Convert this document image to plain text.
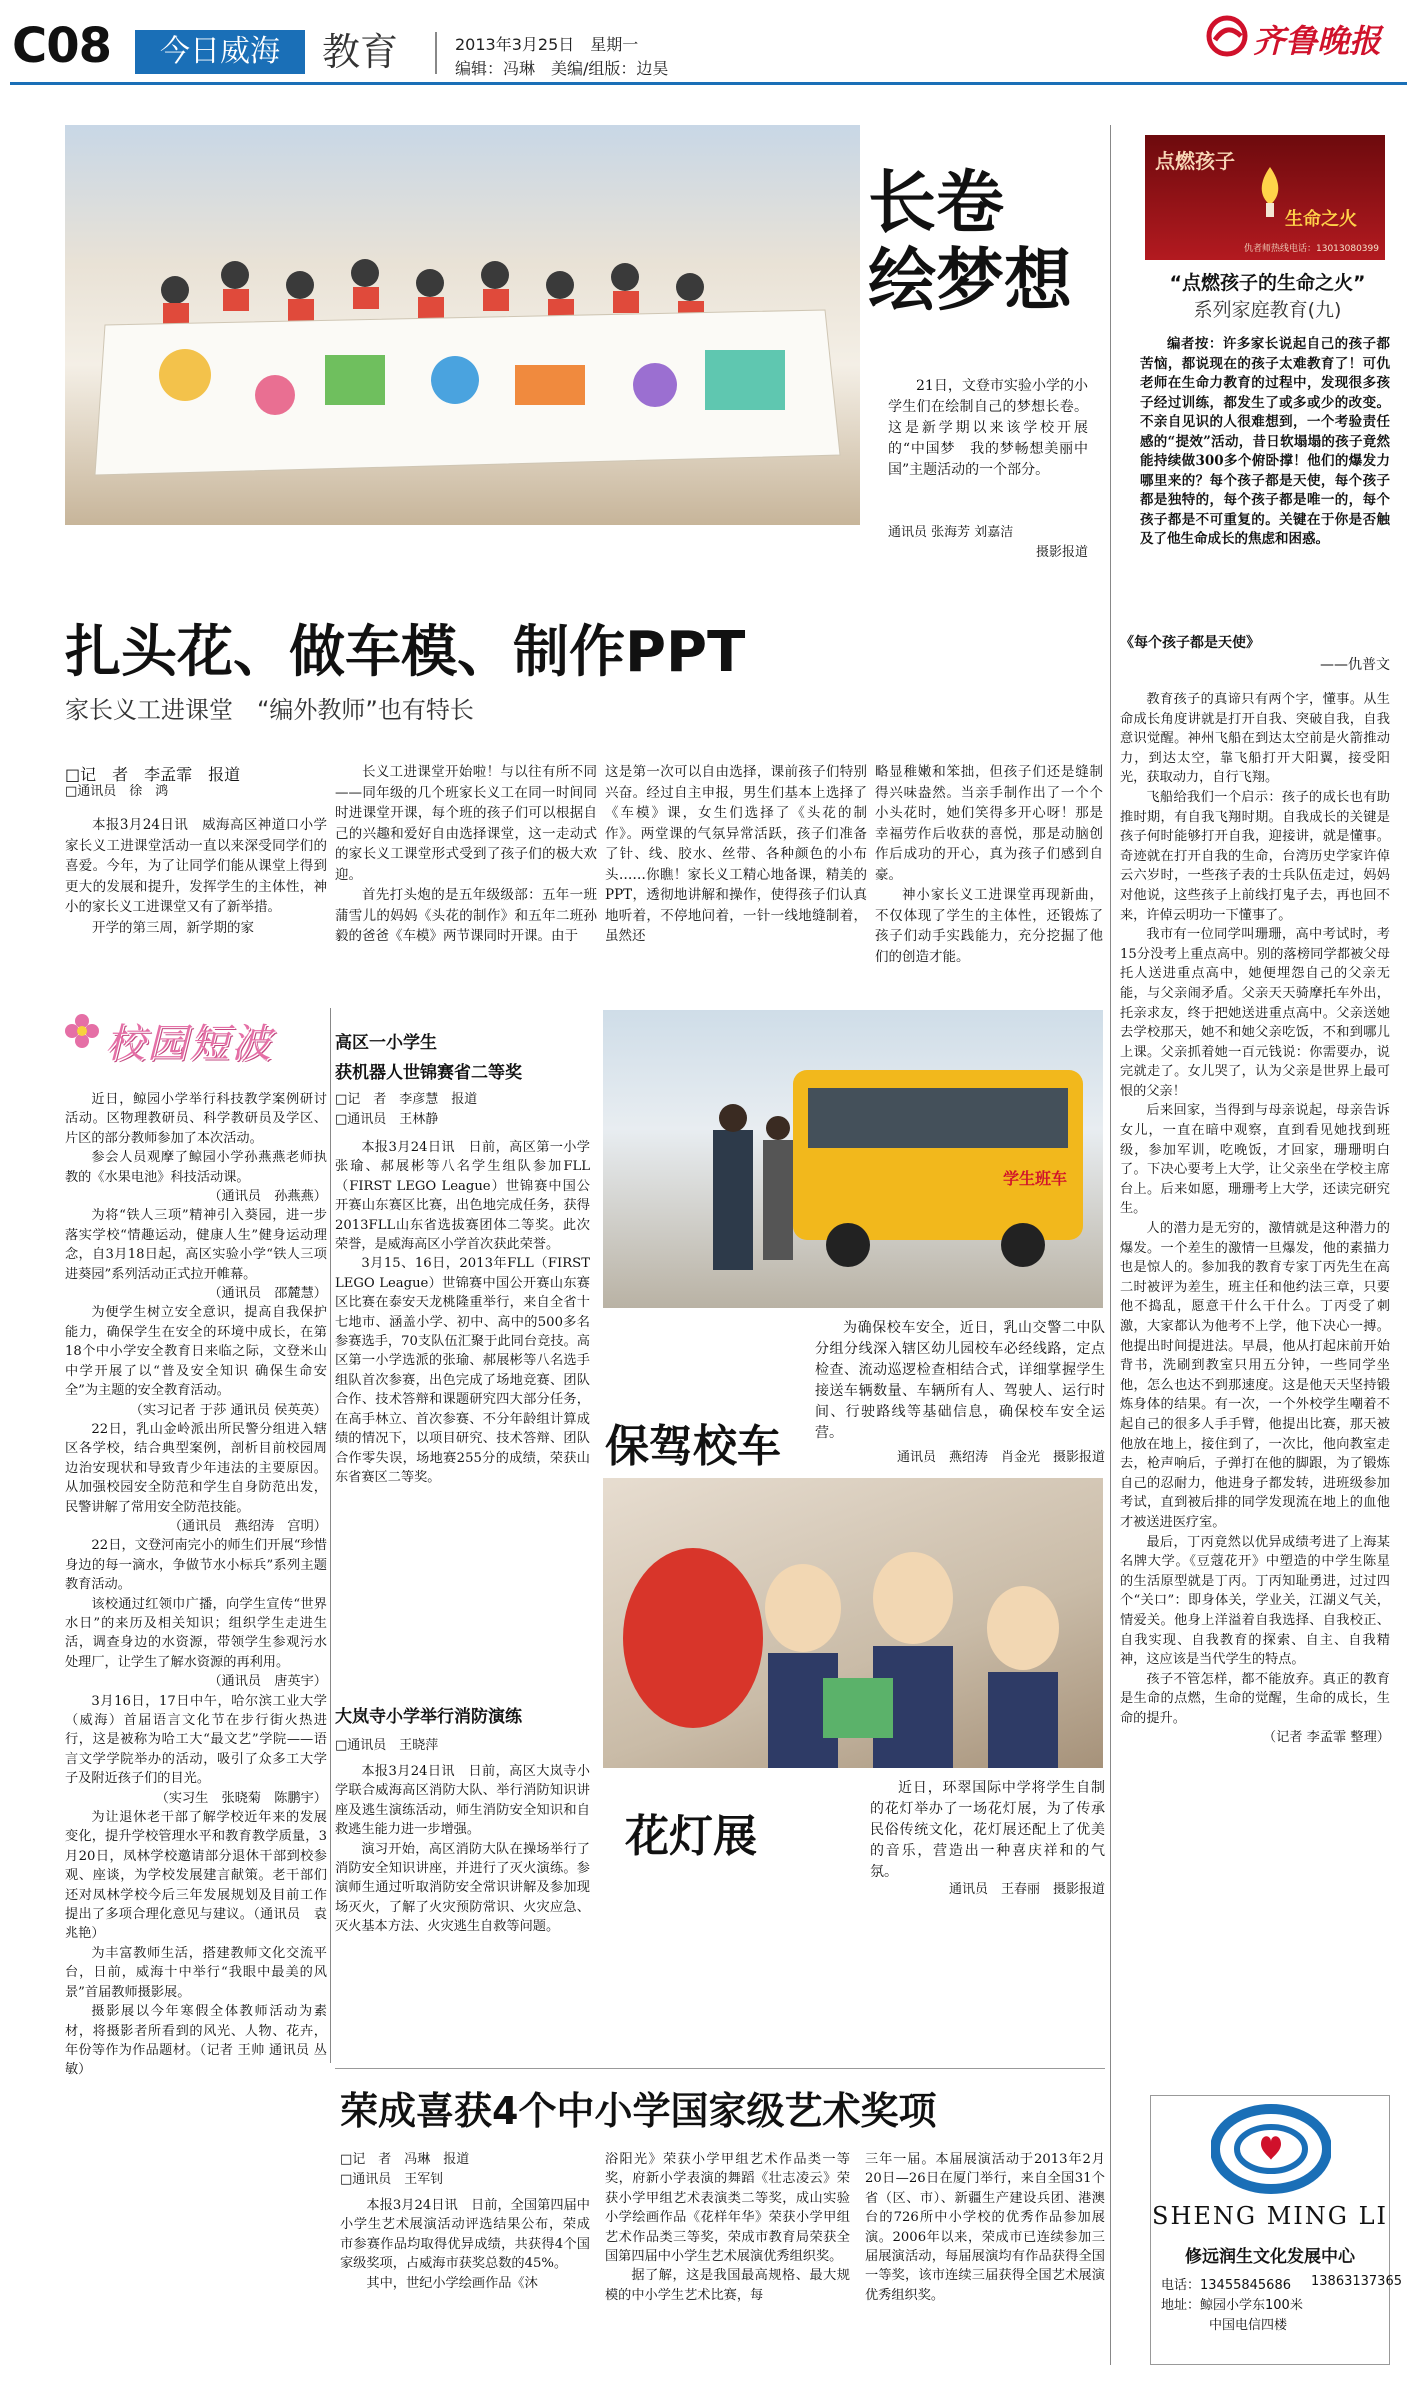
C08	今日威海	教育	2013年3月25日　星期一
编辑：冯琳　美编/组版：边昊
齐鲁晚报
长卷
绘梦想
21日，文登市实验小学的小学生们在绘制自己的梦想长卷。这是新学期以来该学校开展的“中国梦　我的梦畅想美丽中国”主题活动的一个部分。
通讯员 张海芳 刘嘉洁
摄影报道
点燃孩子
生命之火
仇者师热线电话：13013080399
“点燃孩子的生命之火”
系列家庭教育(九)
编者按：许多家长说起自己的孩子都苦恼，都说现在的孩子太难教育了！可仇老师在生命力教育的过程中，发现很多孩子经过训练，都发生了或多或少的改变。不亲自见识的人很难想到，一个考验责任感的“提效”活动，昔日软塌塌的孩子竟然能持续做300多个俯卧撑！他们的爆发力哪里来的？每个孩子都是天使，每个孩子都是独特的，每个孩子都是唯一的，每个孩子都是不可重复的。关键在于你是否触及了他生命成长的焦虑和困惑。
《每个孩子都是天使》
——仇普文

教育孩子的真谛只有两个字，懂事。从生命成长角度讲就是打开自我、突破自我，自我意识觉醒。神州飞船在到达太空前是火箭推动力，到达太空，靠飞船打开大阳翼，接受阳光，获取动力，自行飞翔。

飞船给我们一个启示：孩子的成长也有助推时期，有自我飞翔时期。自我成长的关键是孩子何时能够打开自我，迎接讲，就是懂事。奇迹就在打开自我的生命，台湾历史学家许倬云六岁时，一些孩子表的士兵队伍走过，妈妈对他说，这些孩子上前线打鬼子去，再也回不来，许倬云明功一下懂事了。

我市有一位同学叫珊珊，高中考试时，考15分没考上重点高中。别的落榜同学都被父母托人送进重点高中，她便埋怨自己的父亲无能，与父亲闹矛盾。父亲天天骑摩托车外出，托亲求友，终于把她送进重点高中。父亲送她去学校那天，她不和她父亲吃饭，不和到哪儿上课。父亲抓着她一百元钱说：你需要办，说完就走了。女儿哭了，认为父亲是世界上最可恨的父亲！

后来回家，当得到与母亲说起，母亲告诉女儿，一直在暗中观察，直到看见她找到班级，参加军训，吃晚饭，才回家，珊珊明白了。下决心要考上大学，让父亲坐在学校主席台上。后来如愿，珊珊考上大学，还读完研究生。

人的潜力是无穷的，激情就是这种潜力的爆发。一个差生的激情一旦爆发，他的素描力也是惊人的。参加我的教育专家丁丙先生在高二时被评为差生，班主任和他约法三章，只要他不捣乱，愿意干什么干什么。丁丙受了刺激，大家都认为他考不上学，他下决心一搏。他提出时间提进法。早晨，他从打起床前开始背书，洗刷到教室只用五分钟，一些同学坐他，怎么也达不到那速度。这是他天天坚持锻炼身体的结果。有一次，一个外校学生嘲着不起自己的很多人手手臂，他提出比赛，那天被他放在地上，接住到了，一次比，他向教室走去，枪声响后，子弹打在他的脚跟，为了锻炼自己的忍耐力，他进身子都发转，进班级参加考试，直到被后排的同学发现流在地上的血他才被送进医疗室。

最后，丁丙竟然以优异成绩考进了上海某名牌大学。《豆蔻花开》中塑造的中学生陈星的生活原型就是丁丙。丁丙知耻勇进，过过四个“关口”：即身体关，学业关，江湖义气关，情爱关。他身上洋溢着自我选择、自我校正、自我实现、自我教育的探索、自主、自我精神，这应该是当代学生的特点。

孩子不管怎样，都不能放弃。真正的教育是生命的点燃，生命的觉醒，生命的成长，生命的提升。

（记者 李孟霏 整理）

SHENG MING LI
修远润生文化发展中心
电话：13455845686 13863137365
地址：鲸园小学东100米
中国电信四楼
扎头花、做车模、制作PPT
家长义工进课堂　“编外教师”也有特长
□记　者　李孟霏　报道
□通讯员　徐　鸿

本报3月24日讯　威海高区神道口小学家长义工进课堂活动一直以来深受同学们的喜爱。今年，为了让同学们能从课堂上得到更大的发展和提升，发挥学生的主体性，神小的家长义工进课堂又有了新举措。

开学的第三周，新学期的家

长义工进课堂开始啦！与以往有所不同——同年级的几个班家长义工在同一时间同时进课堂开课，每个班的孩子们可以根据自己的兴趣和爱好自由选择课堂，这一走动式的家长义工课堂形式受到了孩子们的极大欢迎。

首先打头炮的是五年级级部：五年一班蒲雪儿的妈妈《头花的制作》和五年二班孙毅的爸爸《车模》两节课同时开课。由于

这是第一次可以自由选择，课前孩子们特别兴奋。经过自主申报，男生们基本上选择了《车模》课，女生们选择了《头花的制作》。两堂课的气氛异常活跃，孩子们准备了针、线、胶水、丝带、各种颜色的小布头……你瞧！家长义工精心地备课，精美的PPT，透彻地讲解和操作，使得孩子们认真地听着，不停地问着，一针一线地缝制着，虽然还

略显稚嫩和笨拙，但孩子们还是缝制得兴味盎然。当亲手制作出了一个个小头花时，她们笑得多开心呀！那是幸福劳作后收获的喜悦，那是动脑创作后成功的开心，真为孩子们感到自豪。

神小家长义工进课堂再现新曲，不仅体现了学生的主体性，还锻炼了孩子们动手实践能力，充分挖掘了他们的创造才能。

校园短波

近日，鲸园小学举行科技教学案例研讨活动。区物理教研员、科学教研员及学区、片区的部分教师参加了本次活动。

参会人员观摩了鲸园小学孙燕燕老师执教的《水果电池》科技活动课。

（通讯员　孙燕燕）

为将“铁人三项”精神引入葵园，进一步落实学校“情趣运动，健康人生”健身运动理念，自3月18日起，高区实验小学“铁人三项进葵园”系列活动正式拉开帷幕。

（通讯员　邵麓慧）

为便学生树立安全意识，提高自我保护能力，确保学生在安全的环境中成长，在第18个中小学安全教育日来临之际，文登米山中学开展了以“普及安全知识 确保生命安全”为主题的安全教育活动。

（实习记者 于莎 通讯员 侯英英）

22日，乳山金岭派出所民警分组进入辖区各学校，结合典型案例，剖析目前校园周边治安现状和导致青少年违法的主要原因。从加强校园安全防范和学生自身防范出发，民警讲解了常用安全防范技能。

（通讯员　燕绍涛　宫明）

22日，文登河南完小的师生们开展“珍惜身边的每一滴水，争做节水小标兵”系列主题教育活动。

该校通过红领巾广播，向学生宣传“世界水日”的来历及相关知识；组织学生走进生活，调查身边的水资源，带领学生参观污水处理厂，让学生了解水资源的再利用。

（通讯员　唐英宇）

3月16日，17日中午，哈尔滨工业大学（威海）首届语言文化节在步行街火热进行，这是被称为哈工大“最文艺”学院——语言文学学院举办的活动，吸引了众多工大学子及附近孩子们的目光。

（实习生　张晓菊　陈鹏宇）

为让退休老干部了解学校近年来的发展变化，提升学校管理水平和教育教学质量，3月20日，凤林学校邀请部分退休干部到校参观、座谈，为学校发展建言献策。老干部们还对凤林学校今后三年发展规划及目前工作提出了多项合理化意见与建议。（通讯员　袁兆艳）

为丰富教师生活，搭建教师文化交流平台，日前，威海十中举行“我眼中最美的风景”首届教师摄影展。

摄影展以今年寒假全体教师活动为素材，将摄影者所看到的风光、人物、花卉，年份等作为作品题材。（记者 王帅 通讯员 丛敏）

高区一小学生
获机器人世锦赛省二等奖
□记　者　李彦慧　报道
□通讯员　王林静

本报3月24日讯　日前，高区第一小学张瑜、郝展彬等八名学生组队参加FLL（FIRST LEGO League）世锦赛中国公开赛山东赛区比赛，出色地完成任务，获得2013FLL山东省选拔赛团体二等奖。此次荣誉，是威海高区小学首次获此荣誉。

3月15、16日，2013年FLL（FIRST LEGO League）世锦赛中国公开赛山东赛区比赛在泰安天龙桃隆重举行，来自全省十七地市、涵盖小学、初中、高中的500多名参赛选手，70支队伍汇聚于此同台竞技。高区第一小学选派的张瑜、郝展彬等八名选手组队首次参赛，出色完成了场地竞赛、团队合作、技术答辩和课题研究四大部分任务，在高手林立、首次参赛、不分年龄组计算成绩的情况下，以项目研究、技术答辩、团队合作零失误，场地赛255分的成绩，荣获山东省赛区二等奖。

大岚寺小学举行消防演练
□通讯员　王晓萍

本报3月24日讯　日前，高区大岚寺小学联合威海高区消防大队、举行消防知识讲座及逃生演练活动，师生消防安全知识和自救逃生能力进一步增强。

演习开始，高区消防大队在操场举行了消防安全知识讲座，并进行了灭火演练。参演师生通过听取消防安全常识讲解及参加现场灭火，了解了火灾预防常识、火灾应急、灭火基本方法、火灾逃生自救等问题。

学生班车
保驾校车
为确保校车安全，近日，乳山交警二中队分组分线深入辖区幼儿园校车必经线路，定点检查、流动巡逻检查相结合式，详细掌握学生接送车辆数量、车辆所有人、驾驶人、运行时间、行驶路线等基础信息，确保校车安全运营。
通讯员　燕绍涛　肖金光　摄影报道
花灯展
近日，环翠国际中学将学生自制的花灯举办了一场花灯展，为了传承民俗传统文化，花灯展还配上了优美的音乐，营造出一种喜庆祥和的气氛。
通讯员　王春丽　摄影报道
荣成喜获4个中小学国家级艺术奖项
□记　者　冯琳　报道
□通讯员　王军钊

本报3月24日讯　日前，全国第四届中小学生艺术展演活动评选结果公布，荣成市参赛作品均取得优异成绩，共获得4个国家级奖项，占威海市获奖总数的45%。

其中，世纪小学绘画作品《沐

浴阳光》荣获小学甲组艺术作品类一等奖，府新小学表演的舞蹈《壮志凌云》荣获小学甲组艺术表演类二等奖，成山实验小学绘画作品《花样年华》荣获小学甲组艺术作品类三等奖，荣成市教育局荣获全国第四届中小学生艺术展演优秀组织奖。

据了解，这是我国最高规格、最大规模的中小学生艺术比赛，每

三年一届。本届展演活动于2013年2月20日—26日在厦门举行，来自全国31个省（区、市）、新疆生产建设兵团、港澳台的726所中小学校的优秀作品参加展演。2006年以来，荣成市已连续参加三届展演活动，每届展演均有作品获得全国一等奖，该市连续三届获得全国艺术展演优秀组织奖。
